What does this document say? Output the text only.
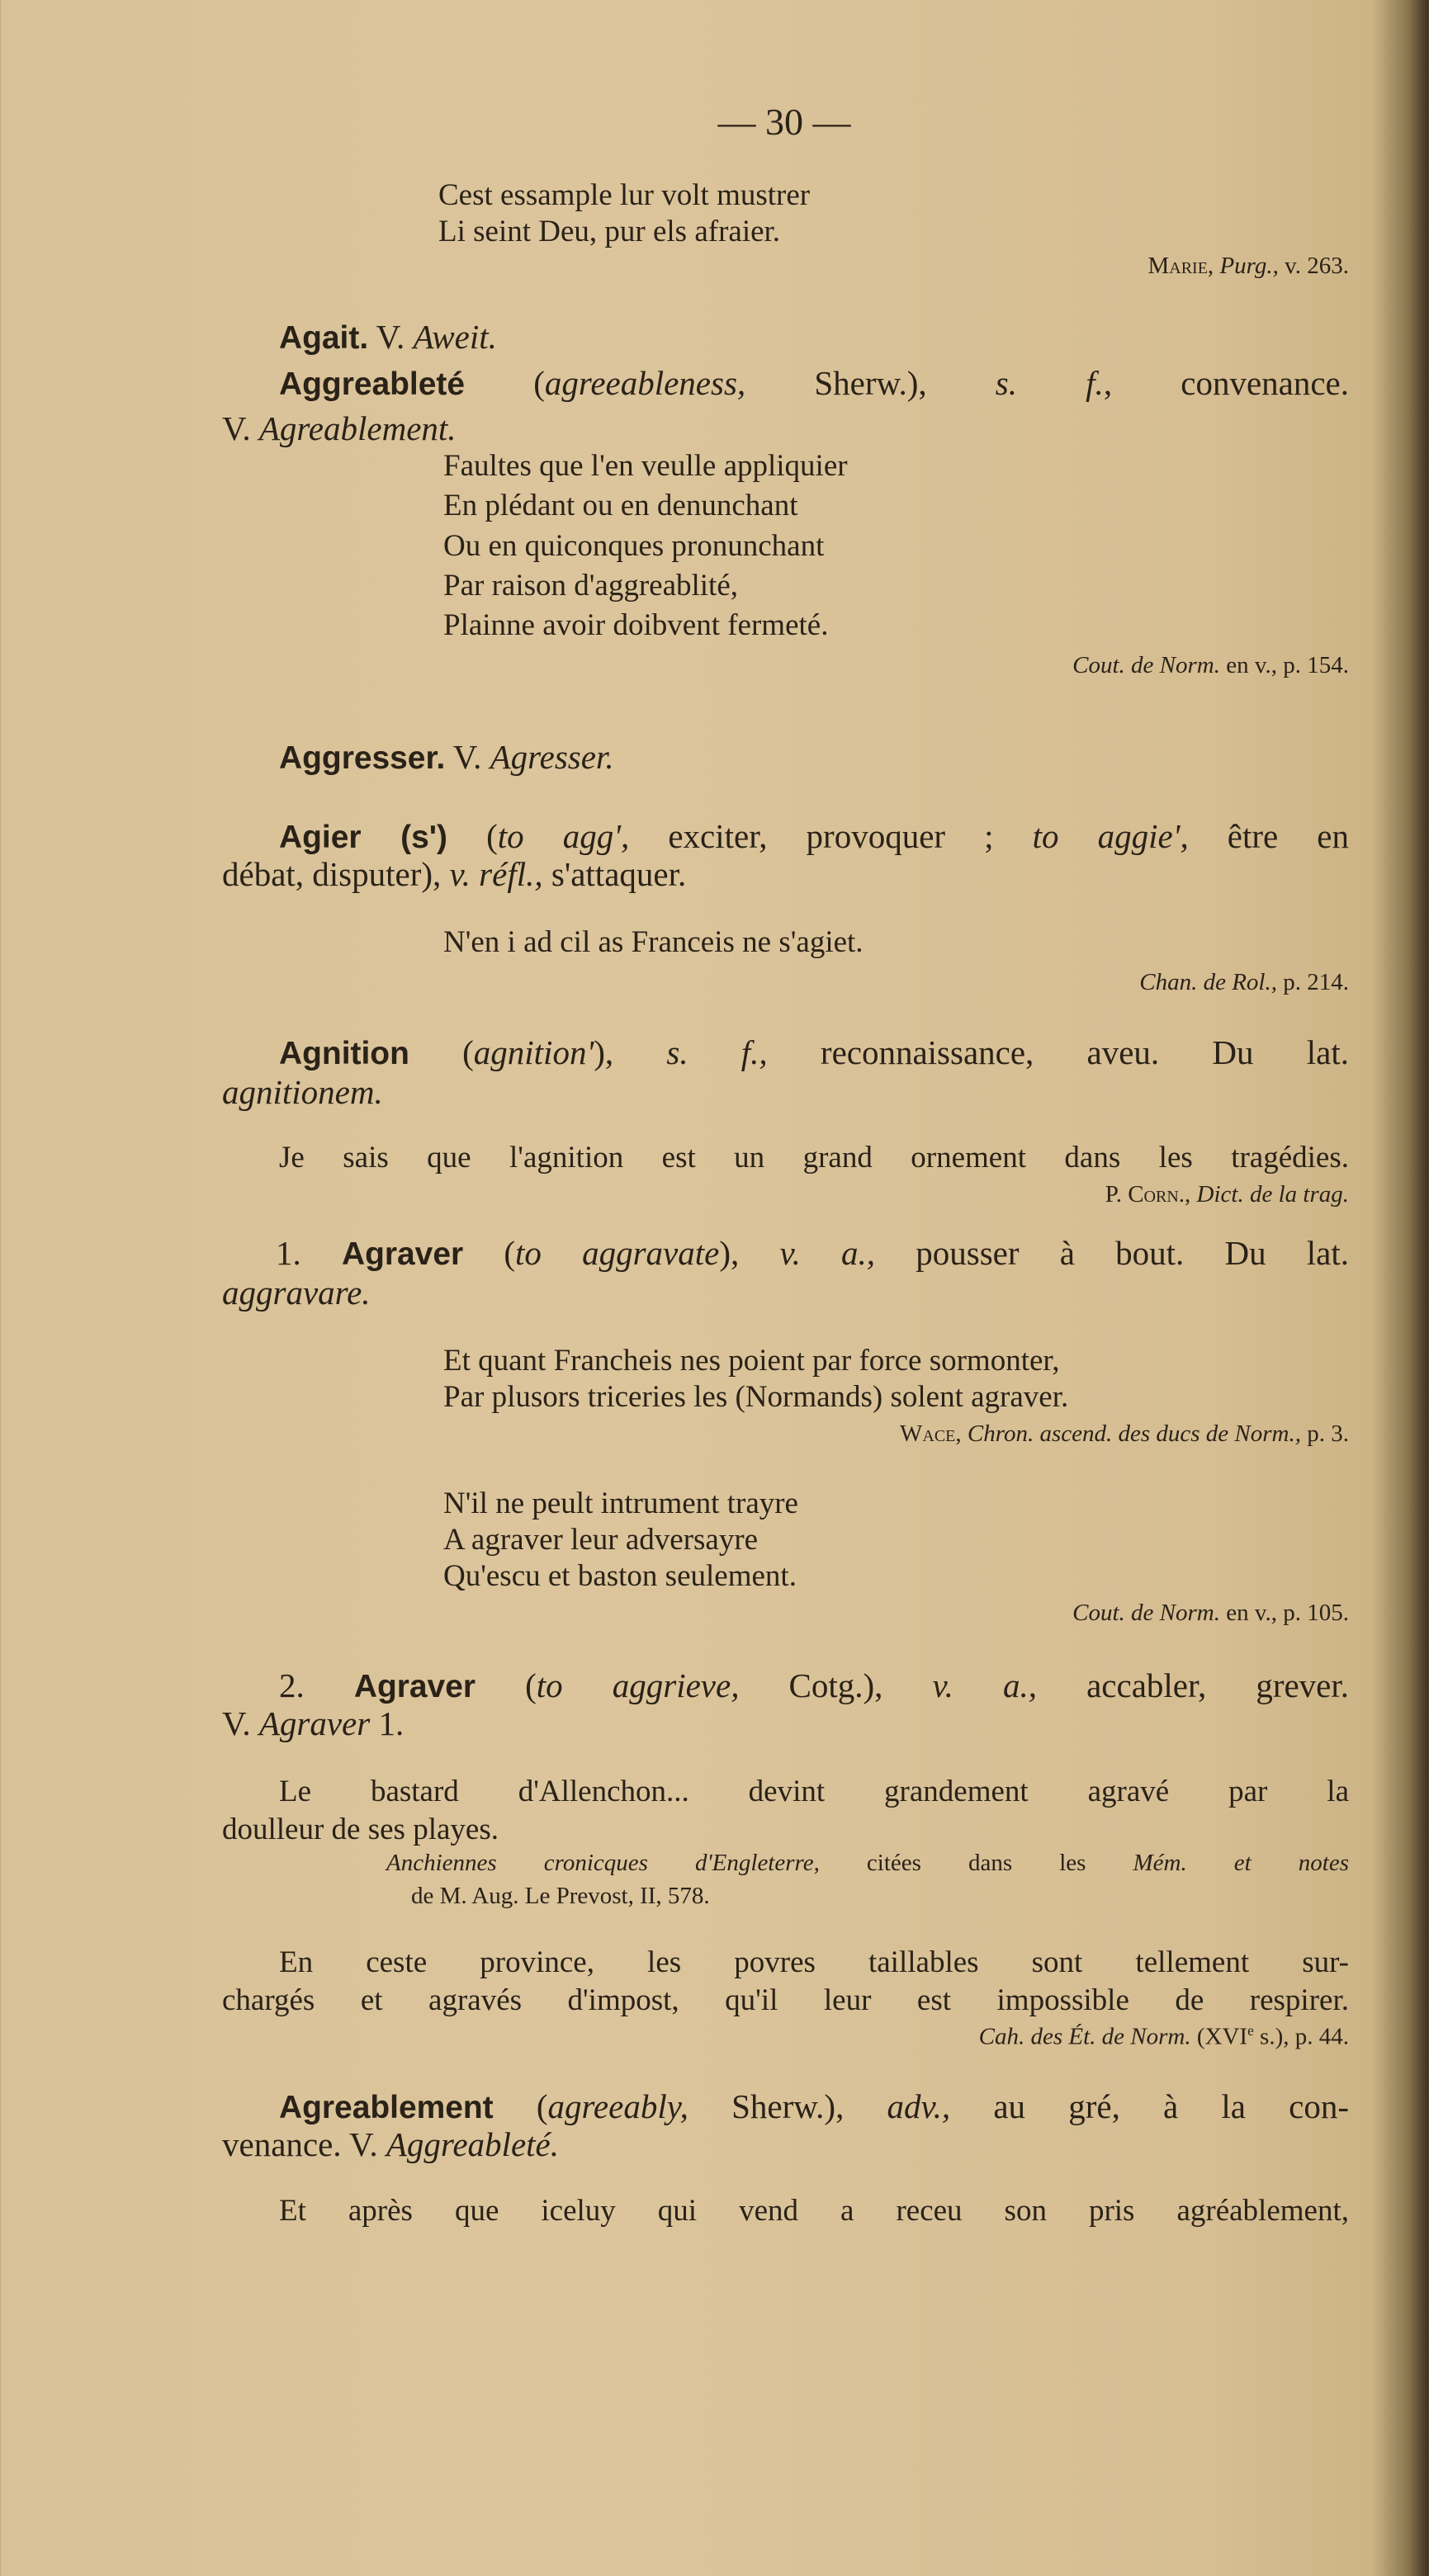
— 30 —
Cest essample lur volt mustrer
Li seint Deu, pur els afraier.
Marie, Purg., v. 263.
Agait. V. Aweit.
Aggreableté (agreeableness, Sherw.), s. f., convenance.
V. Agreablement.
Faultes que l'en veulle appliquier
En plédant ou en denunchant
Ou en quiconques pronunchant
Par raison d'aggreablité,
Plainne avoir doibvent fermeté.
Cout. de Norm. en v., p. 154.
Aggresser. V. Agresser.
Agier (s') (to agg', exciter, provoquer ; to aggie', être en
débat, disputer), v. réfl., s'attaquer.
N'en i ad cil as Franceis ne s'agiet.
Chan. de Rol., p. 214.
Agnition (agnition'), s. f., reconnaissance, aveu. Du lat.
agnitionem.
Je sais que l'agnition est un grand ornement dans les tragédies.
P. Corn., Dict. de la trag.
1. Agraver (to aggravate), v. a., pousser à bout. Du lat.
aggravare.
Et quant Francheis nes poient par force sormonter,
Par plusors triceries les (Normands) solent agraver.
Wace, Chron. ascend. des ducs de Norm., p. 3.
N'il ne peult intrument trayre
A agraver leur adversayre
Qu'escu et baston seulement.
Cout. de Norm. en v., p. 105.
2. Agraver (to aggrieve, Cotg.), v. a., accabler, grever.
V. Agraver 1.
Le bastard d'Allenchon... devint grandement agravé par la
doulleur de ses playes.
Anchiennes cronicques d'Engleterre, citées dans les Mém. et notes
de M. Aug. Le Prevost, II, 578.
En ceste province, les povres taillables sont tellement sur-
chargés et agravés d'impost, qu'il leur est impossible de respirer.
Cah. des Ét. de Norm. (XVIe s.), p. 44.
Agreablement (agreeably, Sherw.), adv., au gré, à la con-
venance. V. Aggreableté.
Et après que iceluy qui vend a receu son pris agréablement,
